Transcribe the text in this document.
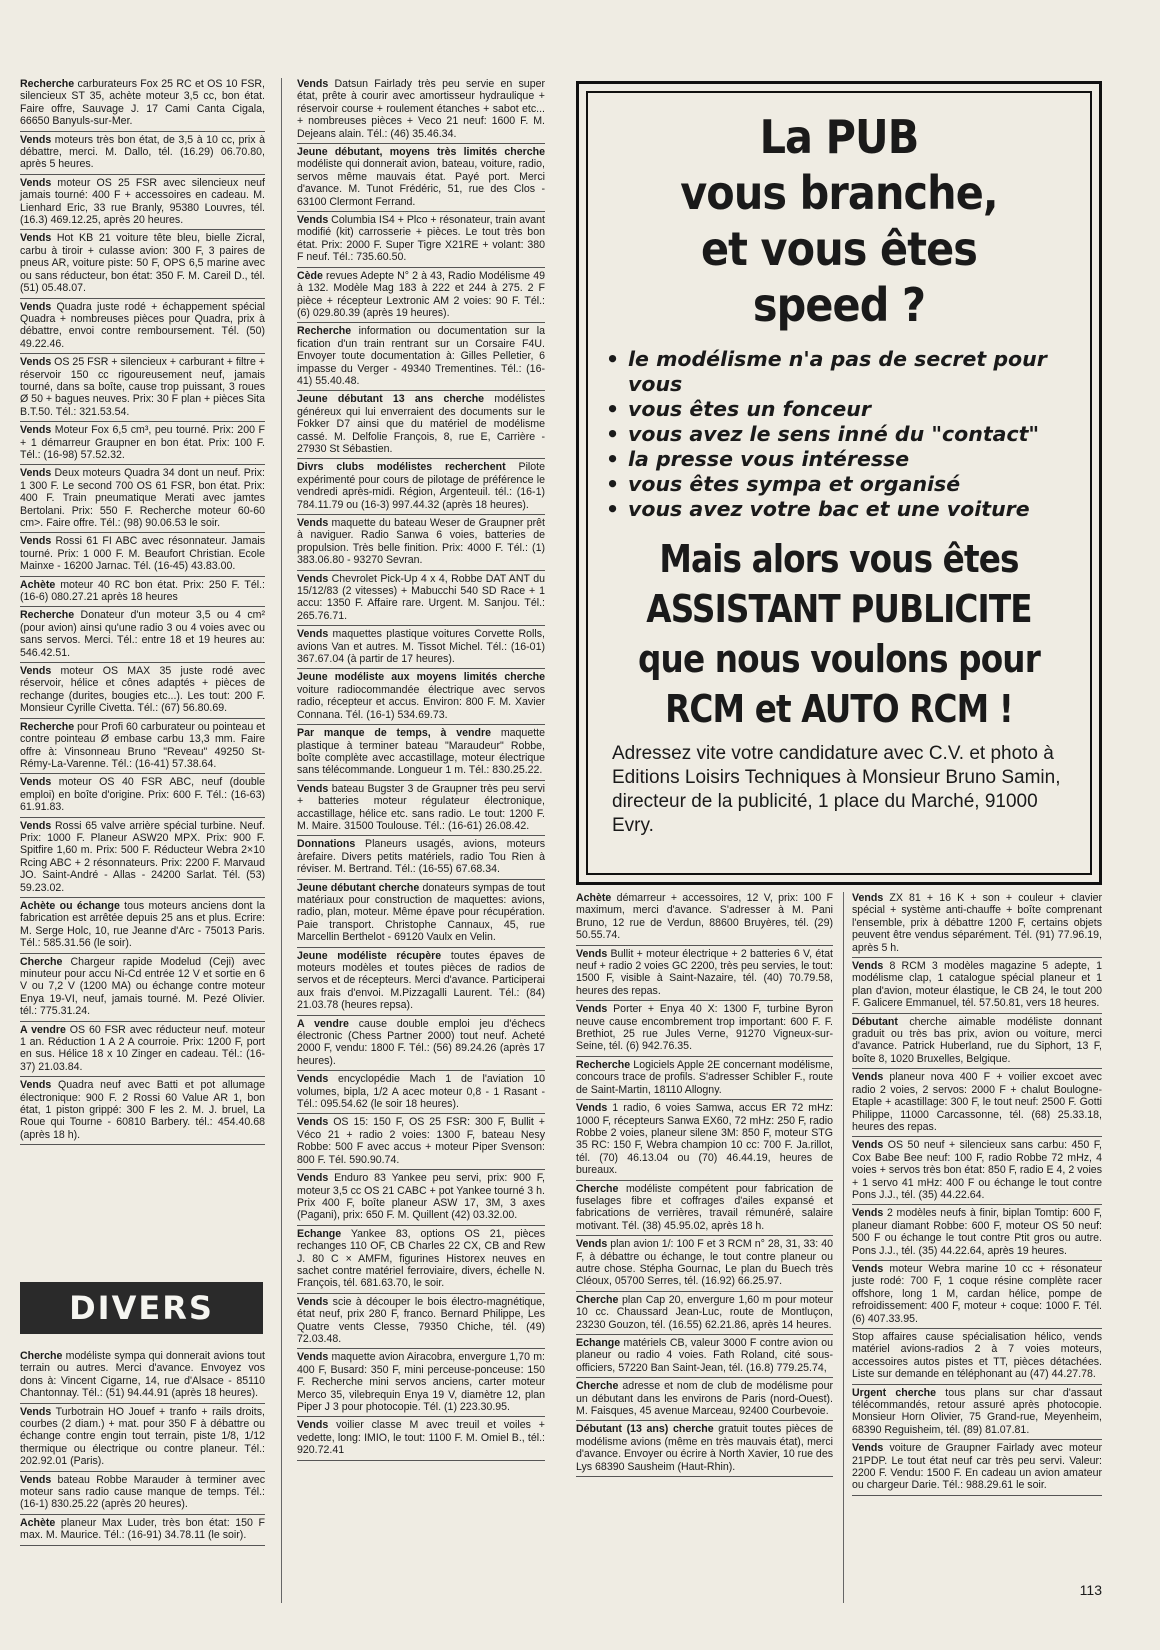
Recherche carburateurs Fox 25 RC et OS 10 FSR, silencieux ST 35, achète moteur 3,5 cc, bon état. Faire offre, Sauvage J. 17 Cami Canta Cigala, 66650 Banyuls-sur-Mer.
Vends moteurs très bon état, de 3,5 à 10 cc, prix à débattre, merci. M. Dallo, tél. (16.29) 06.70.80, après 5 heures.
Vends moteur OS 25 FSR avec silencieux neuf jamais tourné: 400 F + accessoires en cadeau. M. Lienhard Eric, 33 rue Branly, 95380 Louvres, tél. (16.3) 469.12.25, après 20 heures.
Vends Hot KB 21 voiture tête bleu, bielle Zicral, carbu à tiroir + culasse avion: 300 F, 3 paires de pneus AR, voiture piste: 50 F, OPS 6,5 marine avec ou sans réducteur, bon état: 350 F. M. Careil D., tél. (51) 05.48.07.
Vends Quadra juste rodé + échappement spécial Quadra + nombreuses pièces pour Quadra, prix à débattre, envoi contre remboursement. Tél. (50) 49.22.46.
Vends OS 25 FSR + silencieux + carburant + filtre + réservoir 150 cc rigoureusement neuf, jamais tourné, dans sa boîte, cause trop puissant, 3 roues Ø 50 + bagues neuves. Prix: 30 F plan + pièces Sita B.T.50. Tél.: 321.53.54.
Vends Moteur Fox 6,5 cm³, peu tourné. Prix: 200 F + 1 démarreur Graupner en bon état. Prix: 100 F. Tél.: (16-98) 57.52.32.
Vends Deux moteurs Quadra 34 dont un neuf. Prix: 1 300 F. Le second 700 OS 61 FSR, bon état. Prix: 400 F. Train pneumatique Merati avec jamtes Bertolani. Prix: 550 F. Recherche moteur 60-60 cm>. Faire offre. Tél.: (98) 90.06.53 le soir.
Vends Rossi 61 FI ABC avec résonnateur. Jamais tourné. Prix: 1 000 F. M. Beaufort Christian. Ecole Mainxe - 16200 Jarnac. Tél. (16-45) 43.83.00.
Achète moteur 40 RC bon état. Prix: 250 F. Tél.: (16-6) 080.27.21 après 18 heures
Recherche Donateur d'un moteur 3,5 ou 4 cm² (pour avion) ainsi qu'une radio 3 ou 4 voies avec ou sans servos. Merci. Tél.: entre 18 et 19 heures au: 546.42.51.
Vends moteur OS MAX 35 juste rodé avec réservoir, hélice et cônes adaptés + pièces de rechange (durites, bougies etc...). Les tout: 200 F. Monsieur Cyrille Civetta. Tél.: (67) 56.80.69.
Recherche pour Profi 60 carburateur ou pointeau et contre pointeau Ø embase carbu 13,3 mm. Faire offre à: Vinsonneau Bruno "Reveau" 49250 St-Rémy-La-Varenne. Tél.: (16-41) 57.38.64.
Vends moteur OS 40 FSR ABC, neuf (double emploi) en boîte d'origine. Prix: 600 F. Tél.: (16-63) 61.91.83.
Vends Rossi 65 valve arrière spécial turbine. Neuf. Prix: 1000 F. Planeur ASW20 MPX. Prix: 900 F. Spitfire 1,60 m. Prix: 500 F. Réducteur Webra 2×10 Rcing ABC + 2 résonnateurs. Prix: 2200 F. Marvaud JO. Saint-André - Allas - 24200 Sarlat. Tél. (53) 59.23.02.
Achète ou échange tous moteurs anciens dont la fabrication est arrêtée depuis 25 ans et plus. Ecrire: M. Serge Holc, 10, rue Jeanne d'Arc - 75013 Paris. Tél.: 585.31.56 (le soir).
Cherche Chargeur rapide Modelud (Ceji) avec minuteur pour accu Ni-Cd entrée 12 V et sortie en 6 V ou 7,2 V (1200 MA) ou échange contre moteur Enya 19-VI, neuf, jamais tourné. M. Pezé Olivier. tél.: 775.31.24.
A vendre OS 60 FSR avec réducteur neuf. moteur 1 an. Réduction 1 A 2 A courroie. Prix: 1200 F, port en sus. Hélice 18 x 10 Zinger en cadeau. Tél.: (16-37) 21.03.84.
Vends Quadra neuf avec Batti et pot allumage électronique: 900 F. 2 Rossi 60 Value AR 1, bon état, 1 piston grippé: 300 F les 2. M. J. bruel, La Roue qui Tourne - 60810 Barbery. tél.: 454.40.68 (après 18 h).
DIVERS
Cherche modéliste sympa qui donnerait avions tout terrain ou autres. Merci d'avance. Envoyez vos dons à: Vincent Cigarne, 14, rue d'Alsace - 85110 Chantonnay. Tél.: (51) 94.44.91 (après 18 heures).
Vends Turbotrain HO Jouef + tranfo + rails droits, courbes (2 diam.) + mat. pour 350 F à débattre ou échange contre engin tout terrain, piste 1/8, 1/12 thermique ou électrique ou contre planeur. Tél.: 202.92.01 (Paris).
Vends bateau Robbe Marauder à terminer avec moteur sans radio cause manque de temps. Tél.: (16-1) 830.25.22 (après 20 heures).
Achète planeur Max Luder, très bon état: 150 F max. M. Maurice. Tél.: (16-91) 34.78.11 (le soir).
Vends Datsun Fairlady très peu servie en super état, prête à courir avec amortisseur hydraulique + réservoir course + roulement étanches + sabot etc... + nombreuses pièces + Veco 21 neuf: 1600 F. M. Dejeans alain. Tél.: (46) 35.46.34.
Jeune débutant, moyens très limités cherche modéliste qui donnerait avion, bateau, voiture, radio, servos même mauvais état. Payé port. Merci d'avance. M. Tunot Frédéric, 51, rue des Clos - 63100 Clermont Ferrand.
Vends Columbia IS4 + Plco + résonateur, train avant modifié (kit) carrosserie + pièces. Le tout très bon état. Prix: 2000 F. Super Tigre X21RE + volant: 380 F neuf. Tél.: 735.60.50.
Cède revues Adepte N° 2 à 43, Radio Modélisme 49 à 132. Modèle Mag 183 à 222 et 244 à 275. 2 F pièce + récepteur Lextronic AM 2 voies: 90 F. Tél.: (6) 029.80.39 (après 19 heures).
Recherche information ou documentation sur la fication d'un train rentrant sur un Corsaire F4U. Envoyer toute documentation à: Gilles Pelletier, 6 impasse du Verger - 49340 Trementines. Tél.: (16-41) 55.40.48.
Jeune débutant 13 ans cherche modélistes généreux qui lui enverraient des documents sur le Fokker D7 ainsi que du matériel de modélisme cassé. M. Delfolie François, 8, rue E, Carrière - 27930 St Sébastien.
Divrs clubs modélistes recherchent Pilote expérimenté pour cours de pilotage de préférence le vendredi après-midi. Région, Argenteuil. tél.: (16-1) 784.11.79 ou (16-3) 997.44.32 (après 18 heures).
Vends maquette du bateau Weser de Graupner prêt à naviguer. Radio Sanwa 6 voies, batteries de propulsion. Très belle finition. Prix: 4000 F. Tél.: (1) 383.06.80 - 93270 Sevran.
Vends Chevrolet Pick-Up 4 x 4, Robbe DAT ANT du 15/12/83 (2 vitesses) + Mabucchi 540 SD Race + 1 accu: 1350 F. Affaire rare. Urgent. M. Sanjou. Tél.: 265.76.71.
Vends maquettes plastique voitures Corvette Rolls, avions Van et autres. M. Tissot Michel. Tél.: (16-01) 367.67.04 (à partir de 17 heures).
Jeune modéliste aux moyens limités cherche voiture radiocommandée électrique avec servos radio, récepteur et accus. Environ: 800 F. M. Xavier Connana. Tél. (16-1) 534.69.73.
Par manque de temps, à vendre maquette plastique à terminer bateau "Maraudeur" Robbe, boîte complète avec accastillage, moteur électrique sans télécommande. Longueur 1 m. Tél.: 830.25.22.
Vends bateau Bugster 3 de Graupner très peu servi + batteries moteur régulateur électronique, accastillage, hélice etc. sans radio. Le tout: 1200 F. M. Maire. 31500 Toulouse. Tél.: (16-61) 26.08.42.
Donnations Planeurs usagés, avions, moteurs àrefaire. Divers petits matériels, radio Tou Rien à réviser. M. Bertrand. Tél.: (16-55) 67.68.34.
Jeune débutant cherche donateurs sympas de tout matériaux pour construction de maquettes: avions, radio, plan, moteur. Même épave pour récupération. Paie transport. Christophe Cannaux, 45, rue Marcellin Berthelot - 69120 Vaulx en Velin.
Jeune modéliste récupère toutes épaves de moteurs modèles et toutes pièces de radios de servos et de récepteurs. Merci d'avance. Participerai aux frais d'envoi. M.Pizzagalli Laurent. Tél.: (84) 21.03.78 (heures repsa).
A vendre cause double emploi jeu d'échecs électronic (Chess Partner 2000) tout neuf. Acheté 2000 F, vendu: 1800 F. Tél.: (56) 89.24.26 (après 17 heures).
Vends encyclopédie Mach 1 de l'aviation 10 volumes, bipla, 1/2 A acec moteur 0,8 - 1 Rasant - Tél.: 095.54.62 (le soir 18 heures).
Vends OS 15: 150 F, OS 25 FSR: 300 F, Bullit + Véco 21 + radio 2 voies: 1300 F, bateau Nesy Robbe: 500 F avec accus + moteur Piper Svenson: 800 F. Tél. 590.90.74.
Vends Enduro 83 Yankee peu servi, prix: 900 F, moteur 3,5 cc OS 21 CABC + pot Yankee tourné 3 h. Prix 400 F, boîte planeur ASW 17, 3M, 3 axes (Pagani), prix: 650 F. M. Quillent (42) 03.32.00.
Echange Yankee 83, options OS 21, pièces rechanges 110 OF, CB Charles 22 CX, CB and Rew J. 80 C × AMFM, figurines Historex neuves en sachet contre matériel ferroviaire, divers, échelle N. François, tél. 681.63.70, le soir.
Vends scie à découper le bois électro-magnétique, état neuf, prix 280 F, franco. Bernard Philippe, Les Quatre vents Clesse, 79350 Chiche, tél. (49) 72.03.48.
Vends maquette avion Airacobra, envergure 1,70 m: 400 F, Busard: 350 F, mini perceuse-ponceuse: 150 F. Recherche mini servos anciens, carter moteur Merco 35, vilebrequin Enya 19 V, diamètre 12, plan Piper J 3 pour photocopie. Tél. (1) 223.30.95.
Vends voilier classe M avec treuil et voiles + vedette, long: IMIO, le tout: 1100 F. M. Omiel B., tél.: 920.72.41
La PUB
vous branche,
et vous êtes
speed ?
• le modélisme n'a pas de secret pour vous
• vous êtes un fonceur
• vous avez le sens inné du "contact"
• la presse vous intéresse
• vous êtes sympa et organisé
• vous avez votre bac et une voiture
Mais alors vous êtes
ASSISTANT PUBLICITE
que nous voulons pour
RCM et AUTO RCM !
Adressez vite votre candidature avec C.V. et photo à Editions Loisirs Techniques à Monsieur Bruno Samin, directeur de la publicité, 1 place du Marché, 91000 Evry.
Achète démarreur + accessoires, 12 V, prix: 100 F maximum, merci d'avance. S'adresser à M. Pani Bruno, 12 rue de Verdun, 88600 Bruyères, tél. (29) 50.55.74.
Vends Bullit + moteur électrique + 2 batteries 6 V, état neuf + radio 2 voies GC 2200, très peu servies, le tout: 1500 F, visible à Saint-Nazaire, tél. (40) 70.79.58, heures des repas.
Vends Porter + Enya 40 X: 1300 F, turbine Byron neuve cause encombrement trop important: 600 F. F. Brethiot, 25 rue Jules Verne, 91270 Vigneux-sur-Seine, tél. (6) 942.76.35.
Recherche Logiciels Apple 2E concernant modélisme, concours trace de profils. S'adresser Schibler F., route de Saint-Martin, 18110 Allogny.
Vends 1 radio, 6 voies Samwa, accus ER 72 mHz: 1000 F, récepteurs Sanwa EX60, 72 mHz: 250 F, radio Robbe 2 voies, planeur silene 3M: 850 F, moteur STG 35 RC: 150 F, Webra champion 10 cc: 700 F. Ja.rillot, tél. (70) 46.13.04 ou (70) 46.44.19, heures de bureaux.
Cherche modéliste compétent pour fabrication de fuselages fibre et coffrages d'ailes expansé et fabrications de verrières, travail rémunéré, salaire motivant. Tél. (38) 45.95.02, après 18 h.
Vends plan avion 1/: 100 F et 3 RCM n° 28, 31, 33: 40 F, à débattre ou échange, le tout contre planeur ou autre chose. Stépha Gournac, Le plan du Buech très Cléoux, 05700 Serres, tél. (16.92) 66.25.97.
Cherche plan Cap 20, envergure 1,60 m pour moteur 10 cc. Chaussard Jean-Luc, route de Montluçon, 23230 Gouzon, tél. (16.55) 62.21.86, après 14 heures.
Echange matériels CB, valeur 3000 F contre avion ou planeur ou radio 4 voies. Fath Roland, cité sous-officiers, 57220 Ban Saint-Jean, tél. (16.8) 779.25.74,
Cherche adresse et nom de club de modélisme pour un débutant dans les environs de Paris (nord-Ouest). M. Faisques, 45 avenue Marceau, 92400 Courbevoie.
Débutant (13 ans) cherche gratuit toutes pièces de modélisme avions (même en très mauvais état), merci d'avance. Envoyer ou écrire à North Xavier, 10 rue des Lys 68390 Sausheim (Haut-Rhin).
Vends ZX 81 + 16 K + son + couleur + clavier spécial + système anti-chauffe + boîte comprenant l'ensemble, prix à débattre 1200 F, certains objets peuvent être vendus séparément. Tél. (91) 77.96.19, après 5 h.
Vends 8 RCM 3 modèles magazine 5 adepte, 1 modélisme clap, 1 catalogue spécial planeur et 1 plan d'avion, moteur élastique, le CB 24, le tout 200 F. Galicere Emmanuel, tél. 57.50.81, vers 18 heures.
Débutant cherche aimable modéliste donnant graduit ou très bas prix, avion ou voiture, merci d'avance. Patrick Huberland, rue du Siphort, 13 F, boîte 8, 1020 Bruxelles, Belgique.
Vends planeur nova 400 F + voilier excoet avec radio 2 voies, 2 servos: 2000 F + chalut Boulogne-Etaple + acastillage: 300 F, le tout neuf: 2500 F. Gotti Philippe, 11000 Carcassonne, tél. (68) 25.33.18, heures des repas.
Vends OS 50 neuf + silencieux sans carbu: 450 F, Cox Babe Bee neuf: 100 F, radio Robbe 72 mHz, 4 voies + servos très bon état: 850 F, radio E 4, 2 voies + 1 servo 41 mHz: 400 F ou échange le tout contre Pons J.J., tél. (35) 44.22.64.
Vends 2 modèles neufs à finir, biplan Tomtip: 600 F, planeur diamant Robbe: 600 F, moteur OS 50 neuf: 500 F ou échange le tout contre Ptit gros ou autre. Pons J.J., tél. (35) 44.22.64, après 19 heures.
Vends moteur Webra marine 10 cc + résonateur juste rodé: 700 F, 1 coque résine complète racer offshore, long 1 M, cardan hélice, pompe de refroidissement: 400 F, moteur + coque: 1000 F. Tél. (6) 407.33.95.
Stop affaires cause spécialisation hélico, vends matériel avions-radios 2 à 7 voies moteurs, accessoires autos pistes et TT, pièces détachées. Liste sur demande en téléphonant au (47) 44.27.78.
Urgent cherche tous plans sur char d'assaut télécommandés, retour assuré après photocopie. Monsieur Horn Olivier, 75 Grand-rue, Meyenheim, 68390 Reguisheim, tél. (89) 81.07.81.
Vends voiture de Graupner Fairlady avec moteur 21PDP. Le tout état neuf car très peu servi. Valeur: 2200 F. Vendu: 1500 F. En cadeau un avion amateur ou chargeur Darie. Tél.: 988.29.61 le soir.
113
